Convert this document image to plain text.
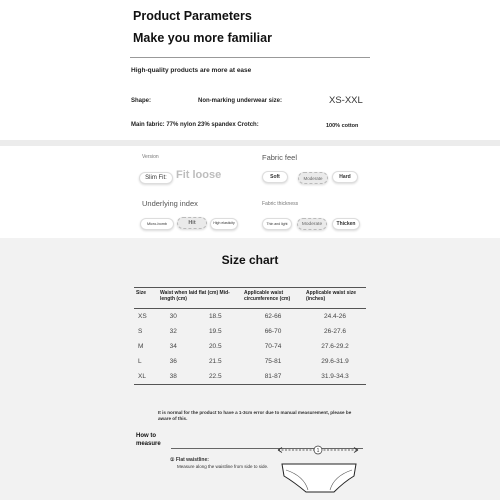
Product Parameters
Make you more familiar
High-quality products are more at ease
Shape:	Non-marking underwear size:	XS-XXL
Main fabric: 77% nylon 23% spandex Crotch:	100% cotton
Version
Slim Fit: Fit loose
Fabric feel
Soft	Moderate	Hard
Underlying index
Micro-bomb	Hit	High elasticity
Fabric thickness
Thin and light	Moderate	Thicken
Size chart
Size	Waist when laid flat (cm) Mid-length (cm)		Applicable waist circumference (cm)	Applicable waist size (inches)
XS	30	18.5	62-66	24.4-26
S	32	19.5	66-70	26-27.6
M	34	20.5	70-74	27.6-29.2
L	36	21.5	75-81	29.6-31.9
XL	38	22.5	81-87	31.9-34.3
It is normal for the product to have a 1-3cm error due to manual measurement, please be aware of this.
How to
measure
1
① Flat waistline:
Measure along the waistline from side to side.
